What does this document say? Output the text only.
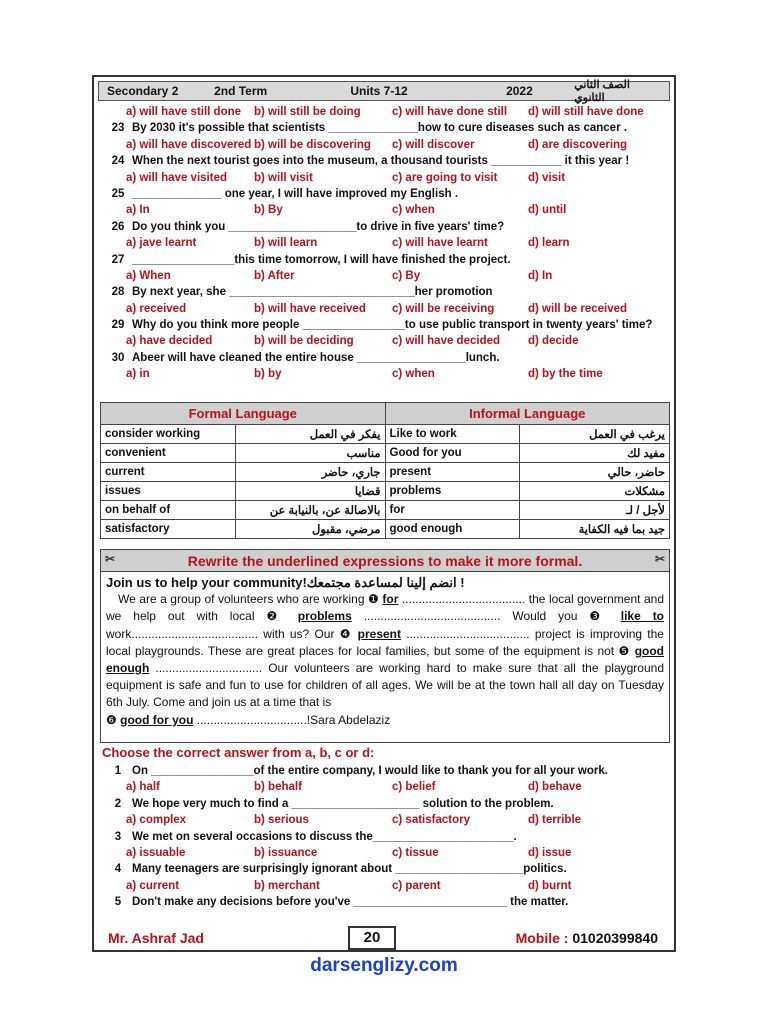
Secondary 2	2nd Term	Units 7-12	2022	الصف الثاني الثانوي
a) will have still done b) will still be doing	c) will have done still d) will still have done
23 By 2030 it's possible that scientists ______________how to cure diseases such as cancer .
a) will have discovered b) will be discovering c) will discover	d) are discovering
24 When the next tourist goes into the museum, a thousand tourists ___________ it this year !
a) will have visited b) will visit	c) are going to visit	d) visit
25 ______________ one year, I will have improved my English .
a) In	b) By	c) when	d) until
26 Do you think you ____________________to drive in five years' time?
a) jave learnt	b) will learn	c) will have learnt	d) learn
27 ________________this time tomorrow, I will have finished the project.
a) When	b) After	c) By	d) In
28 By next year, she _____________________________her promotion
a) received	b) will have received c) will be receiving	d) will be received
29 Why do you think more people ________________to use public transport in twenty years' time?
a) have decided	b) will be deciding	c) will have decided d) decide
30 Abeer will have cleaned the entire house _________________lunch.
a) in	b) by	c) when	d) by the time
Formal Language		Informal Language	
consider working	يفكر في العمل	Like to work	يرغب في العمل
convenient	مناسب	Good for you	مفيد لك
current	جاري، حاضر	present	حاضر، حالي
issues	قضايا	problems	مشكلات
on behalf of	بالاصالة عن، بالنيابة عن	for	لأجل / لـ
satisfactory	مرضي، مقبول	good enough	جيد بما فيه الكفاية
✂	Rewrite the underlined expressions to make it more formal.	✂
Join us to help your community!انضم إلينا لمساعدة مجتمعك !
We are a group of volunteers who are working ❶ for ..................................... the local government and we help out with local ❷ problems ......................................... Would you ❸ like to work...................................... with us? Our ❹ present ..................................... project is improving the local playgrounds. These are great places for local families, but some of the equipment is not ❺ good enough ................................ Our volunteers are working hard to make sure that all the playground equipment is safe and fun to use for children of all ages. We will be at the town hall all day on Tuesday 6th July. Come and join us at a time that is
❻ good for you .................................!Sara Abdelaziz
Choose the correct answer from a, b, c or d:
1 On ________________of the entire company, I would like to thank you for all your work.
a) half	b) behalf	c) belief	d) behave
2 We hope very much to find a ____________________ solution to the problem.
a) complex	b) serious	c) satisfactory	d) terrible
3 We met on several occasions to discuss the______________________.
a) issuable	b) issuance	c) tissue	d) issue
4 Many teenagers are surprisingly ignorant about ____________________politics.
a) current	b) merchant	c) parent	d) burnt
5 Don't make any decisions before you've ________________________ the matter.
Mr. Ashraf Jad	20	Mobile : 01020399840
darsenglizy.com
